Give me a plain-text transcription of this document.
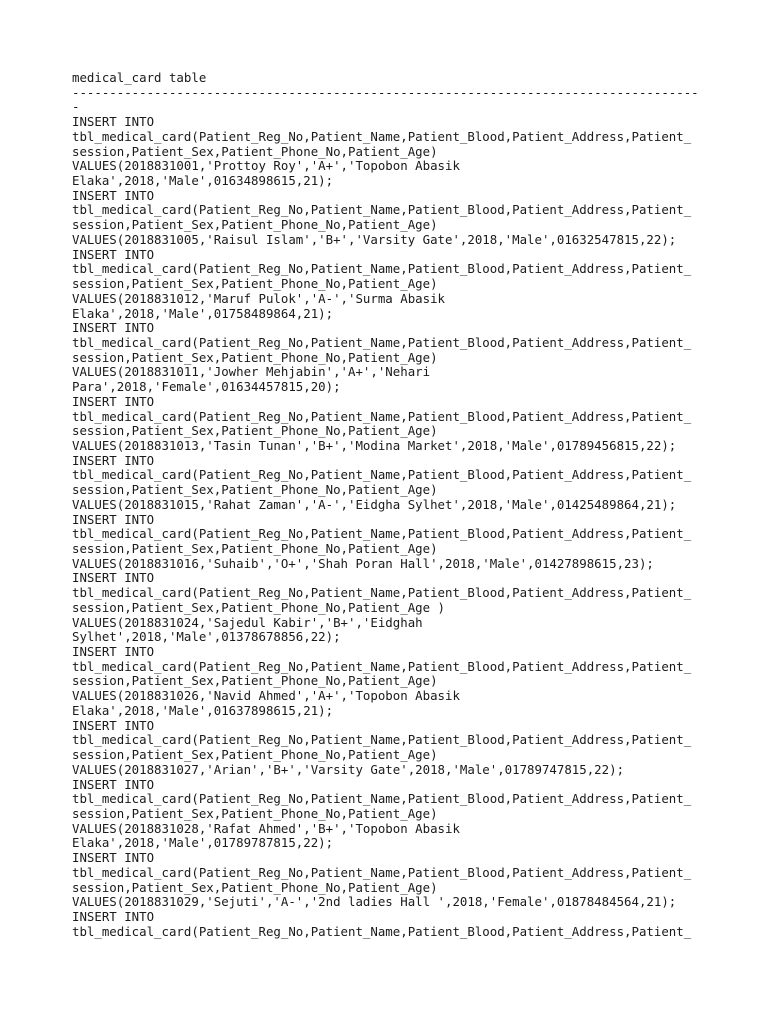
medical_card table
------------------------------------------------------------------------------------
-
INSERT INTO
tbl_medical_card(Patient_Reg_No,Patient_Name,Patient_Blood,Patient_Address,Patient_
session,Patient_Sex,Patient_Phone_No,Patient_Age)
VALUES(2018831001,'Prottoy Roy','A+','Topobon Abasik
Elaka',2018,'Male',01634898615,21);
INSERT INTO
tbl_medical_card(Patient_Reg_No,Patient_Name,Patient_Blood,Patient_Address,Patient_
session,Patient_Sex,Patient_Phone_No,Patient_Age)
VALUES(2018831005,'Raisul Islam','B+','Varsity Gate',2018,'Male',01632547815,22);
INSERT INTO
tbl_medical_card(Patient_Reg_No,Patient_Name,Patient_Blood,Patient_Address,Patient_
session,Patient_Sex,Patient_Phone_No,Patient_Age)
VALUES(2018831012,'Maruf Pulok','A-','Surma Abasik
Elaka',2018,'Male',01758489864,21);
INSERT INTO
tbl_medical_card(Patient_Reg_No,Patient_Name,Patient_Blood,Patient_Address,Patient_
session,Patient_Sex,Patient_Phone_No,Patient_Age)
VALUES(2018831011,'Jowher Mehjabin','A+','Nehari
Para',2018,'Female',01634457815,20);
INSERT INTO
tbl_medical_card(Patient_Reg_No,Patient_Name,Patient_Blood,Patient_Address,Patient_
session,Patient_Sex,Patient_Phone_No,Patient_Age)
VALUES(2018831013,'Tasin Tunan','B+','Modina Market',2018,'Male',01789456815,22);
INSERT INTO
tbl_medical_card(Patient_Reg_No,Patient_Name,Patient_Blood,Patient_Address,Patient_
session,Patient_Sex,Patient_Phone_No,Patient_Age)
VALUES(2018831015,'Rahat Zaman','A-','Eidgha Sylhet',2018,'Male',01425489864,21);
INSERT INTO
tbl_medical_card(Patient_Reg_No,Patient_Name,Patient_Blood,Patient_Address,Patient_
session,Patient_Sex,Patient_Phone_No,Patient_Age)
VALUES(2018831016,'Suhaib','O+','Shah Poran Hall',2018,'Male',01427898615,23);
INSERT INTO
tbl_medical_card(Patient_Reg_No,Patient_Name,Patient_Blood,Patient_Address,Patient_
session,Patient_Sex,Patient_Phone_No,Patient_Age )
VALUES(2018831024,'Sajedul Kabir','B+','Eidghah
Sylhet',2018,'Male',01378678856,22);
INSERT INTO
tbl_medical_card(Patient_Reg_No,Patient_Name,Patient_Blood,Patient_Address,Patient_
session,Patient_Sex,Patient_Phone_No,Patient_Age)
VALUES(2018831026,'Navid Ahmed','A+','Topobon Abasik
Elaka',2018,'Male',01637898615,21);
INSERT INTO
tbl_medical_card(Patient_Reg_No,Patient_Name,Patient_Blood,Patient_Address,Patient_
session,Patient_Sex,Patient_Phone_No,Patient_Age)
VALUES(2018831027,'Arian','B+','Varsity Gate',2018,'Male',01789747815,22);
INSERT INTO
tbl_medical_card(Patient_Reg_No,Patient_Name,Patient_Blood,Patient_Address,Patient_
session,Patient_Sex,Patient_Phone_No,Patient_Age)
VALUES(2018831028,'Rafat Ahmed','B+','Topobon Abasik
Elaka',2018,'Male',01789787815,22);
INSERT INTO
tbl_medical_card(Patient_Reg_No,Patient_Name,Patient_Blood,Patient_Address,Patient_
session,Patient_Sex,Patient_Phone_No,Patient_Age)
VALUES(2018831029,'Sejuti','A-','2nd ladies Hall ',2018,'Female',01878484564,21);
INSERT INTO
tbl_medical_card(Patient_Reg_No,Patient_Name,Patient_Blood,Patient_Address,Patient_
